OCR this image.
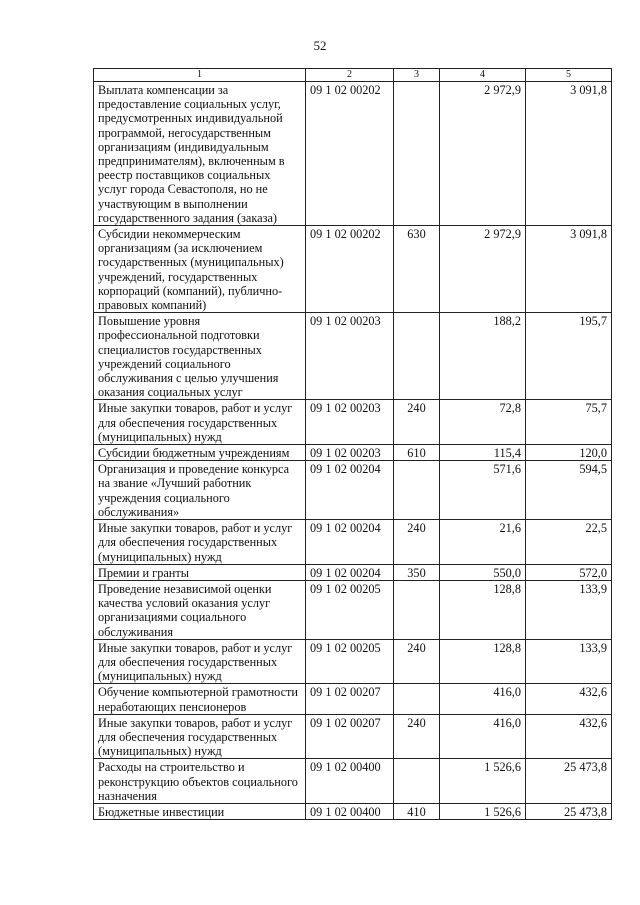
52
1	2	3	4	5
Выплата компенсации за предоставление социальных услуг, предусмотренных индивидуальной программой, негосударственным организациям (индивидуальным предпринимателям), включенным в реестр поставщиков социальных услуг города Севастополя, но не участвующим в выполнении государственного задания (заказа)	09 1 02 00202		2 972,9	3 091,8
Субсидии некоммерческим организациям (за исключением государственных (муниципальных) учреждений, государственных корпораций (компаний), публично-правовых компаний)	09 1 02 00202	630	2 972,9	3 091,8
Повышение уровня профессиональной подготовки специалистов государственных учреждений социального обслуживания с целью улучшения оказания социальных услуг	09 1 02 00203		188,2	195,7
Иные закупки товаров, работ и услуг для обеспечения государственных (муниципальных) нужд	09 1 02 00203	240	72,8	75,7
Субсидии бюджетным учреждениям	09 1 02 00203	610	115,4	120,0
Организация и проведение конкурса на звание «Лучший работник учреждения социального обслуживания»	09 1 02 00204		571,6	594,5
Иные закупки товаров, работ и услуг для обеспечения государственных (муниципальных) нужд	09 1 02 00204	240	21,6	22,5
Премии и гранты	09 1 02 00204	350	550,0	572,0
Проведение независимой оценки качества условий оказания услуг организациями социального обслуживания	09 1 02 00205		128,8	133,9
Иные закупки товаров, работ и услуг для обеспечения государственных (муниципальных) нужд	09 1 02 00205	240	128,8	133,9
Обучение компьютерной грамотности неработающих пенсионеров	09 1 02 00207		416,0	432,6
Иные закупки товаров, работ и услуг для обеспечения государственных (муниципальных) нужд	09 1 02 00207	240	416,0	432,6
Расходы на строительство и реконструкцию объектов социального назначения	09 1 02 00400		1 526,6	25 473,8
Бюджетные инвестиции	09 1 02 00400	410	1 526,6	25 473,8
